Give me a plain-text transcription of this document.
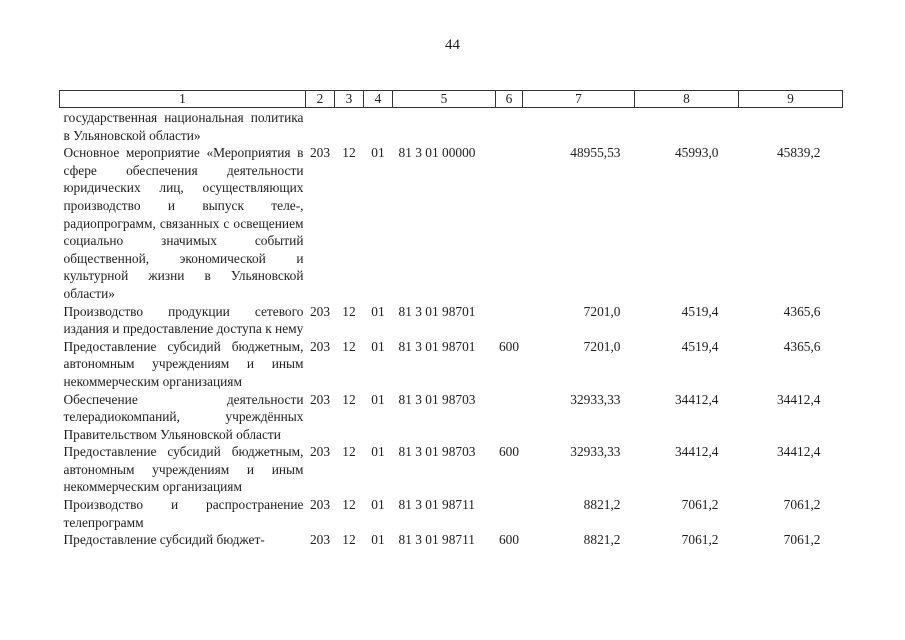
44
1	2	3	4	5	6	7	8	9
государственная национальная политика в Ульяновской области»								
Основное мероприятие «Мероприятия в сфере обеспечения деятельности юридических лиц, осуществляющих производство и выпуск теле-, радиопрограмм, связанных с освещением социально значимых событий общественной, экономической и культурной жизни в Ульяновской области»	203	12	01	81 3 01 00000		48955,53	45993,0	45839,2
Производство продукции сетевого издания и предоставление доступа к нему	203	12	01	81 3 01 98701		7201,0	4519,4	4365,6
Предоставление субсидий бюджетным, автономным учреждениям и иным некоммерческим организациям	203	12	01	81 3 01 98701	600	7201,0	4519,4	4365,6
Обеспечение деятельности телерадиокомпаний, учреждённых Правительством Ульяновской области	203	12	01	81 3 01 98703		32933,33	34412,4	34412,4
Предоставление субсидий бюджетным, автономным учреждениям и иным некоммерческим организациям	203	12	01	81 3 01 98703	600	32933,33	34412,4	34412,4
Производство и распространение телепрограмм	203	12	01	81 3 01 98711		8821,2	7061,2	7061,2
Предоставление субсидий бюджет-	203	12	01	81 3 01 98711	600	8821,2	7061,2	7061,2
